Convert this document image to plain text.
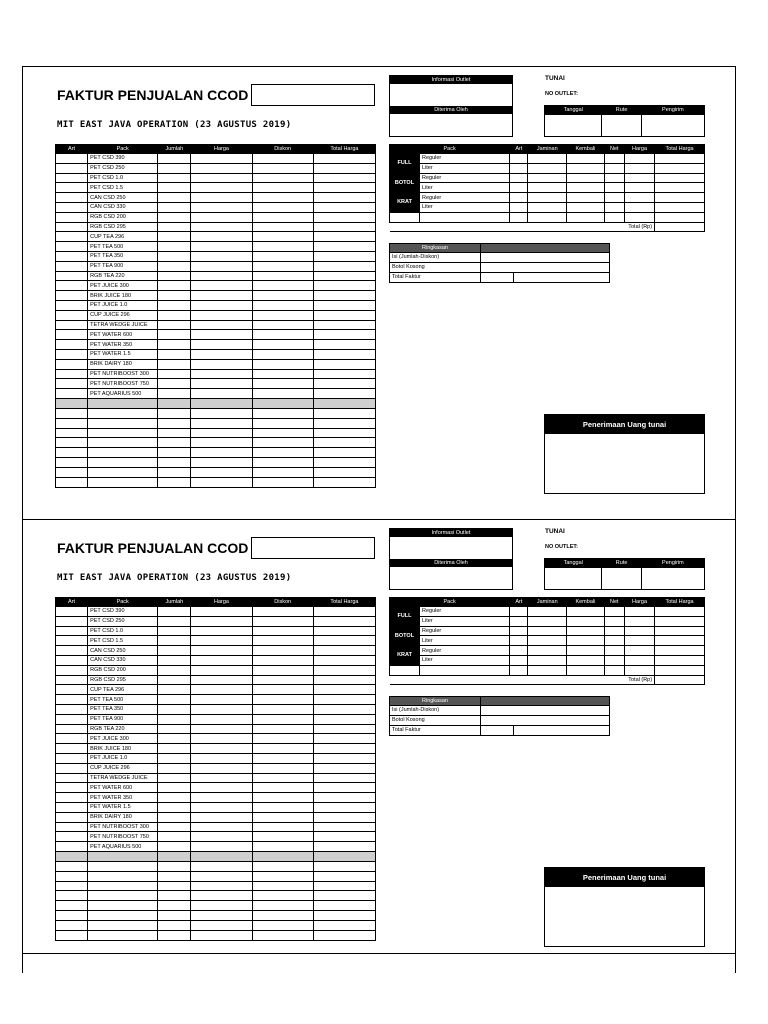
FAKTUR PENJUALAN CCOD
MIT EAST JAVA OPERATION (23 AGUSTUS 2019)
Informasi Outlet
Diterima Oleh
TUNAI
NO OUTLET:
Tanggal	Rute	Pengirim

Art	Pack	Jumlah	Harga	Diskon	Total Harga
	PET CSD 390				
	PET CSD 250				
	PET CSD 1.0				
	PET CSD 1.5				
	CAN CSD 250				
	CAN CSD 330				
	RGB CSD 200				
	RGB CSD 295				
	CUP TEA 296				
	PET TEA 500				
	PET TEA 350				
	PET TEA 900				
	RGB TEA 220				
	PET JUICE 300				
	BRIK JUICE 180				
	PET JUICE 1.0				
	CUP JUICE 296				
	TETRA WEDGE JUICE				
	PET WATER 600				
	PET WATER 350				
	PET WATER 1.5				
	BRIK DAIRY 180				
	PET NUTRIBOOST 300				
	PET NUTRIBOOST 750				
	PET AQUARIUS 500				

Pack		Art	Jaminan	Kembali	Net	Harga	Total Harga
FULL	Reguler						
	Liter						
BOTOL	Reguler						
	Liter						
KRAT	Reguler						
	Liter						

Total (Rp)							
Ringkasan	
Isi (Jumlah-Diskon)	
Botol Kosong	
Total Faktur	
Penerimaan Uang tunai
FAKTUR PENJUALAN CCOD
MIT EAST JAVA OPERATION (23 AGUSTUS 2019)
Informasi Outlet
Diterima Oleh
TUNAI
NO OUTLET:
Tanggal	Rute	Pengirim

Art	Pack	Jumlah	Harga	Diskon	Total Harga
	PET CSD 390				
	PET CSD 250				
	PET CSD 1.0				
	PET CSD 1.5				
	CAN CSD 250				
	CAN CSD 330				
	RGB CSD 200				
	RGB CSD 295				
	CUP TEA 296				
	PET TEA 500				
	PET TEA 350				
	PET TEA 900				
	RGB TEA 220				
	PET JUICE 300				
	BRIK JUICE 180				
	PET JUICE 1.0				
	CUP JUICE 296				
	TETRA WEDGE JUICE				
	PET WATER 600				
	PET WATER 350				
	PET WATER 1.5				
	BRIK DAIRY 180				
	PET NUTRIBOOST 300				
	PET NUTRIBOOST 750				
	PET AQUARIUS 500				

Pack		Art	Jaminan	Kembali	Net	Harga	Total Harga
FULL	Reguler						
	Liter						
BOTOL	Reguler						
	Liter						
KRAT	Reguler						
	Liter						

Total (Rp)							
Ringkasan	
Isi (Jumlah-Diskon)	
Botol Kosong	
Total Faktur	
Penerimaan Uang tunai
